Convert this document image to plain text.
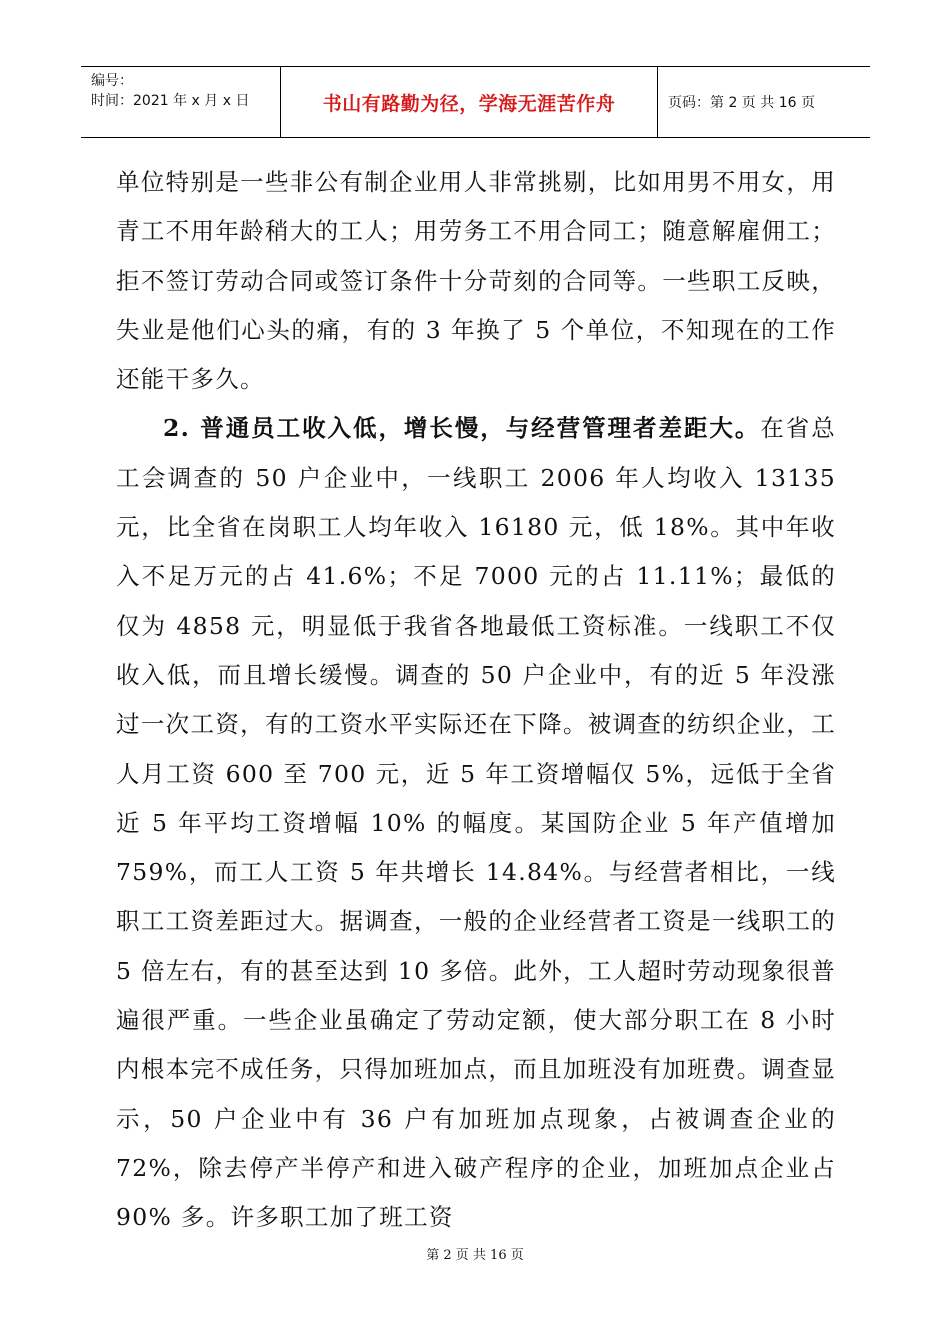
编号：
时间：2021 年 x 月 x 日	书山有路勤为径，学海无涯苦作舟	页码：第 2 页 共 16 页

单位特别是一些非公有制企业用人非常挑剔，比如用男不用女，用青工不用年龄稍大的工人；用劳务工不用合同工；随意解雇佣工；拒不签订劳动合同或签订条件十分苛刻的合同等。一些职工反映，失业是他们心头的痛，有的 3 年换了 5 个单位，不知现在的工作还能干多久。

2. 普通员工收入低，增长慢，与经营管理者差距大。在省总工会调查的 50 户企业中，一线职工 2006 年人均收入 13135 元，比全省在岗职工人均年收入 16180 元，低 18%。其中年收入不足万元的占 41.6%；不足 7000 元的占 11.11%；最低的仅为 4858 元，明显低于我省各地最低工资标准。一线职工不仅收入低，而且增长缓慢。调查的 50 户企业中，有的近 5 年没涨过一次工资，有的工资水平实际还在下降。被调查的纺织企业，工人月工资 600 至 700 元，近 5 年工资增幅仅 5%，远低于全省近 5 年平均工资增幅 10% 的幅度。某国防企业 5 年产值增加 759%，而工人工资 5 年共增长 14.84%。与经营者相比，一线职工工资差距过大。据调查，一般的企业经营者工资是一线职工的 5 倍左右，有的甚至达到 10 多倍。此外，工人超时劳动现象很普遍很严重。一些企业虽确定了劳动定额，使大部分职工在 8 小时内根本完不成任务，只得加班加点，而且加班没有加班费。调查显示，50 户企业中有 36 户有加班加点现象，占被调查企业的 72%，除去停产半停产和进入破产程序的企业，加班加点企业占 90% 多。许多职工加了班工资

第 2 页 共 16 页
